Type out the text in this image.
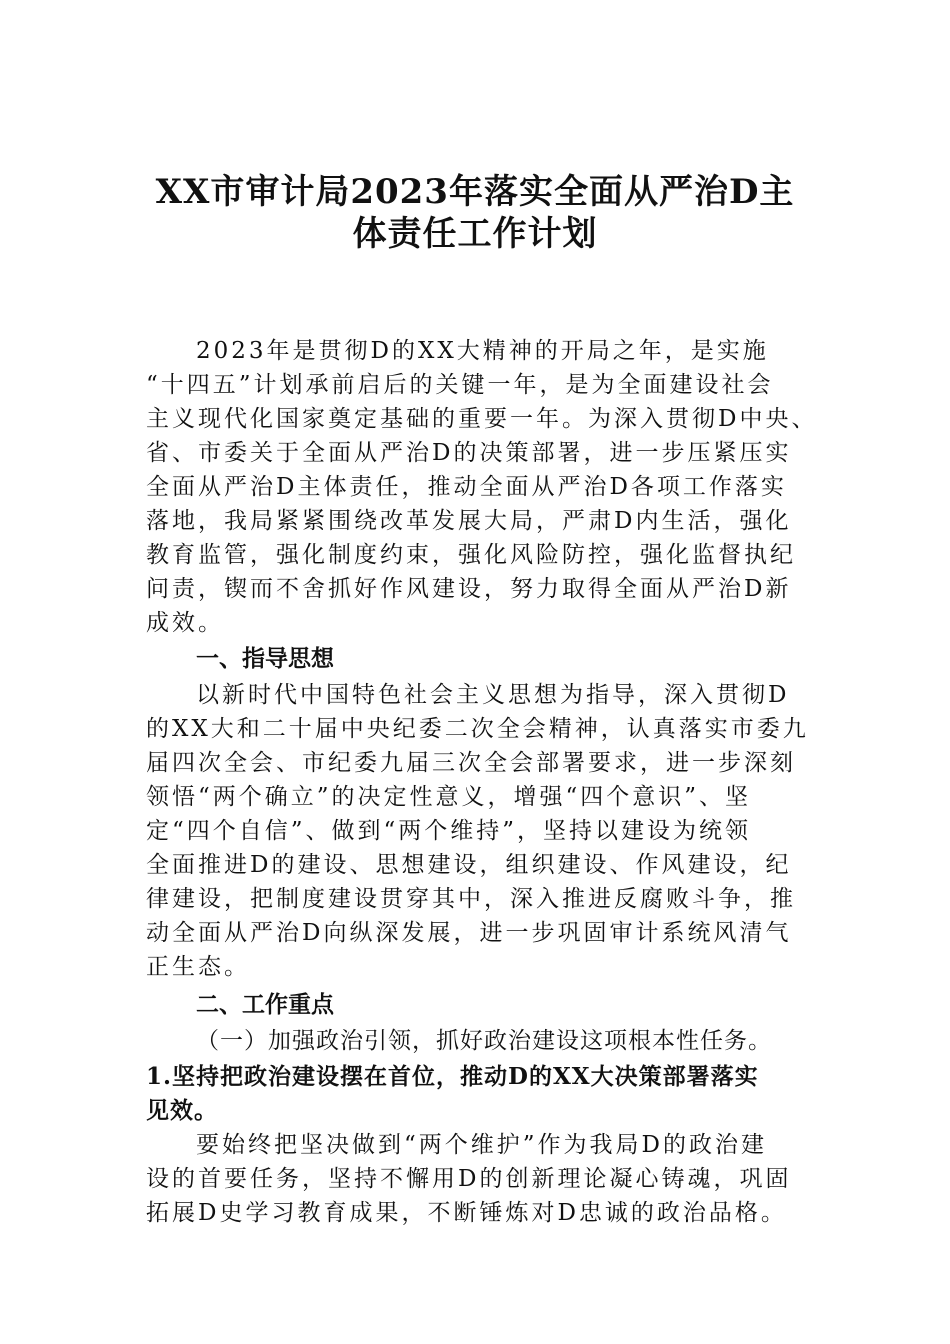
XX市审计局2023年落实全面从严治D主
体责任工作计划
2023年是贯彻D的XX大精神的开局之年，是实施
“十四五”计划承前启后的关键一年，是为全面建设社会
主义现代化国家奠定基础的重要一年。为深入贯彻D中央、
省、市委关于全面从严治D的决策部署，进一步压紧压实
全面从严治D主体责任，推动全面从严治D各项工作落实
落地，我局紧紧围绕改革发展大局，严肃D内生活，强化
教育监管，强化制度约束，强化风险防控，强化监督执纪
问责，锲而不舍抓好作风建设，努力取得全面从严治D新
成效。
一、指导思想
以新时代中国特色社会主义思想为指导，深入贯彻D
的XX大和二十届中央纪委二次全会精神，认真落实市委九
届四次全会、市纪委九届三次全会部署要求，进一步深刻
领悟“两个确立”的决定性意义，增强“四个意识”、坚
定“四个自信”、做到“两个维持”，坚持以建设为统领
全面推进D的建设、思想建设，组织建设、作风建设，纪
律建设，把制度建设贯穿其中，深入推进反腐败斗争，推
动全面从严治D向纵深发展，进一步巩固审计系统风清气
正生态。
二、工作重点
（一）加强政治引领，抓好政治建设这项根本性任务。
1.坚持把政治建设摆在首位，推动D的XX大决策部署落实
见效。
要始终把坚决做到“两个维护”作为我局D的政治建
设的首要任务，坚持不懈用D的创新理论凝心铸魂，巩固
拓展D史学习教育成果，不断锤炼对D忠诚的政治品格。
